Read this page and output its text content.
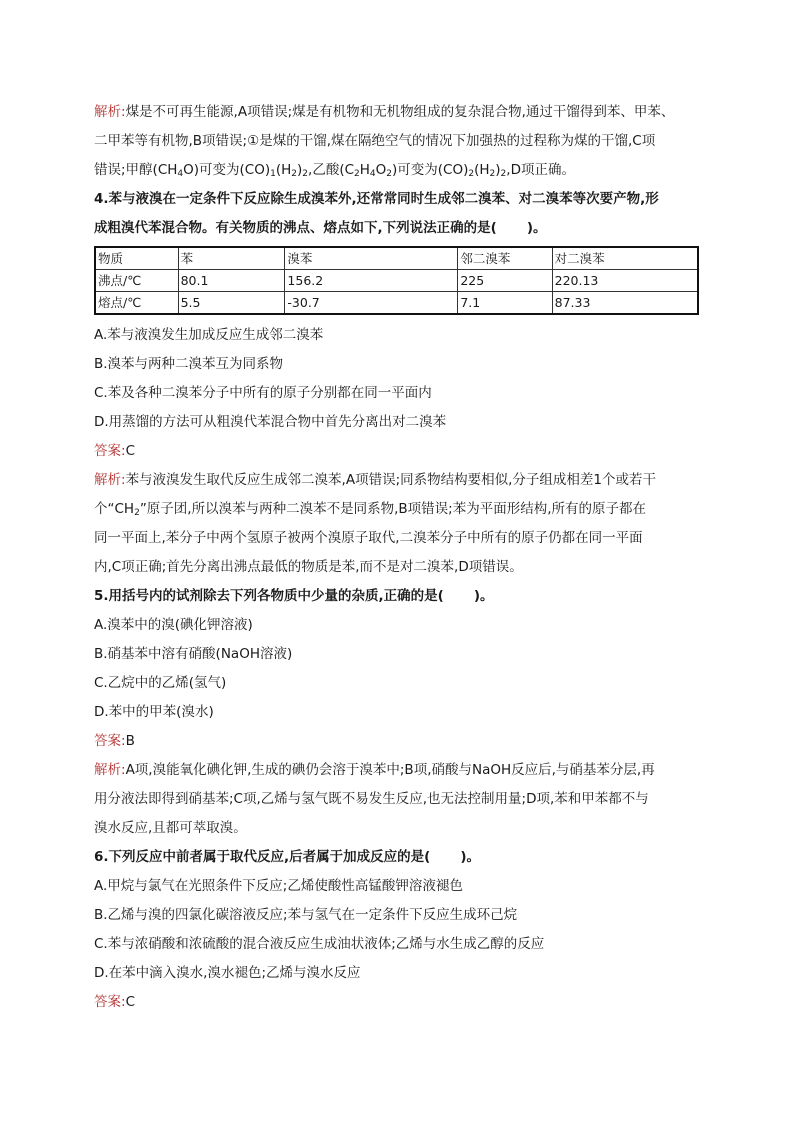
解析:煤是不可再生能源,A项错误;煤是有机物和无机物组成的复杂混合物,通过干馏得到苯、甲苯、
二甲苯等有机物,B项错误;①是煤的干馏,煤在隔绝空气的情况下加强热的过程称为煤的干馏,C项
错误;甲醇$(CH_4O)$可变为$(CO)_1(H_2)_2$,乙酸$(C_2H_4O_2)$可变为$(CO)_2(H_2)_2,D$项正确。
4.苯与液溴在一定条件下反应除生成溴苯外,还常常同时生成邻二溴苯、对二溴苯等次要产物,形
成粗溴代苯混合物。有关物质的沸点、熔点如下,下列说法正确的是( )。
物质	苯	溴苯	邻二溴苯	对二溴苯
沸点/℃	80.1	156.2	225	220.13
熔点/℃	5.5	-30.7	7.1	87.33
A.苯与液溴发生加成反应生成邻二溴苯
B.溴苯与两种二溴苯互为同系物
C.苯及各种二溴苯分子中所有的原子分别都在同一平面内
D.用蒸馏的方法可从粗溴代苯混合物中首先分离出对二溴苯
答案:C
解析:苯与液溴发生取代反应生成邻二溴苯,A项错误;同系物结构要相似,分子组成相差1个或若干
个“$CH_2$”原子团,所以溴苯与两种二溴苯不是同系物,B项错误;苯为平面形结构,所有的原子都在
同一平面上,苯分子中两个氢原子被两个溴原子取代,二溴苯分子中所有的原子仍都在同一平面
内,C项正确;首先分离出沸点最低的物质是苯,而不是对二溴苯,D项错误。
5.用括号内的试剂除去下列各物质中少量的杂质,正确的是( )。
A.溴苯中的溴(碘化钾溶液)
B.硝基苯中溶有硝酸(NaOH溶液)
C.乙烷中的乙烯(氢气)
D.苯中的甲苯(溴水)
答案:B
解析:A项,溴能氧化碘化钾,生成的碘仍会溶于溴苯中;B项,硝酸与NaOH反应后,与硝基苯分层,再
用分液法即得到硝基苯;C项,乙烯与氢气既不易发生反应,也无法控制用量;D项,苯和甲苯都不与
溴水反应,且都可萃取溴。
6.下列反应中前者属于取代反应,后者属于加成反应的是( )。
A.甲烷与氯气在光照条件下反应;乙烯使酸性高锰酸钾溶液褪色
B.乙烯与溴的四氯化碳溶液反应;苯与氢气在一定条件下反应生成环己烷
C.苯与浓硝酸和浓硫酸的混合液反应生成油状液体;乙烯与水生成乙醇的反应
D.在苯中滴入溴水,溴水褪色;乙烯与溴水反应
答案:C
